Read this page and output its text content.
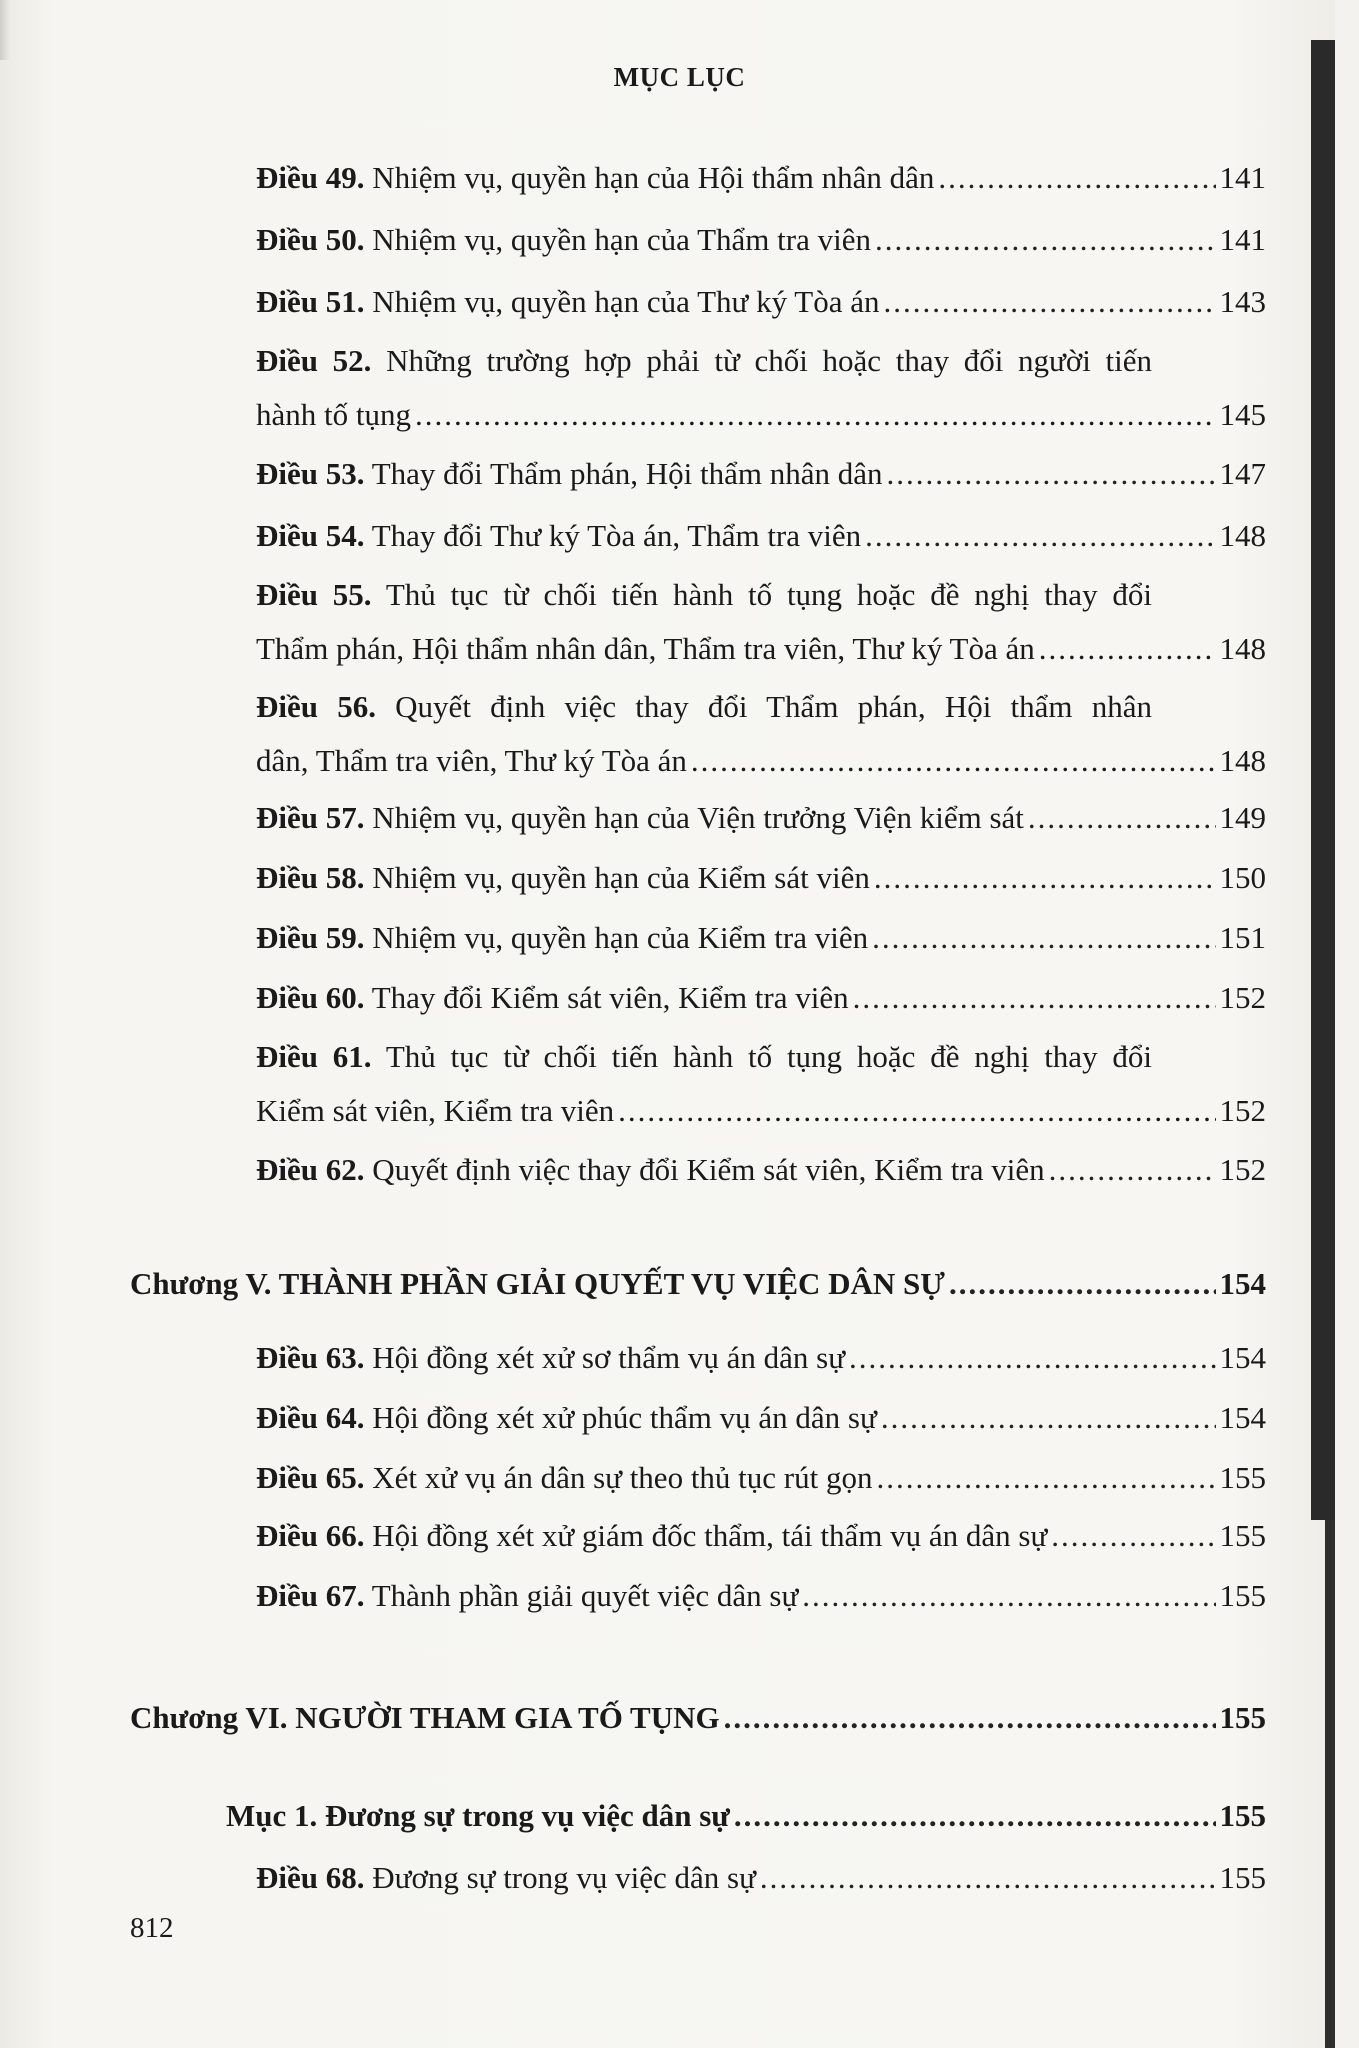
MỤC LỤC
Điều 49. Nhiệm vụ, quyền hạn của Hội thẩm nhân dân .....	141
Điều 50. Nhiệm vụ, quyền hạn của Thẩm tra viên .....	141
Điều 51. Nhiệm vụ, quyền hạn của Thư ký Tòa án .....	143
Điều 52. Những trường hợp phải từ chối hoặc thay đổi người tiến
hành tố tụng .....	145
Điều 53. Thay đổi Thẩm phán, Hội thẩm nhân dân .....	147
Điều 54. Thay đổi Thư ký Tòa án, Thẩm tra viên .....	148
Điều 55. Thủ tục từ chối tiến hành tố tụng hoặc đề nghị thay đổi
Thẩm phán, Hội thẩm nhân dân, Thẩm tra viên, Thư ký Tòa án .....	148
Điều 56. Quyết định việc thay đổi Thẩm phán, Hội thẩm nhân
dân, Thẩm tra viên, Thư ký Tòa án .....	148
Điều 57. Nhiệm vụ, quyền hạn của Viện trưởng Viện kiểm sát .....	149
Điều 58. Nhiệm vụ, quyền hạn của Kiểm sát viên .....	150
Điều 59. Nhiệm vụ, quyền hạn của Kiểm tra viên .....	151
Điều 60. Thay đổi Kiểm sát viên, Kiểm tra viên .....	152
Điều 61. Thủ tục từ chối tiến hành tố tụng hoặc đề nghị thay đổi
Kiểm sát viên, Kiểm tra viên .....	152
Điều 62. Quyết định việc thay đổi Kiểm sát viên, Kiểm tra viên .....	152
Chương V. THÀNH PHẦN GIẢI QUYẾT VỤ VIỆC DÂN SỰ .....	154
Điều 63. Hội đồng xét xử sơ thẩm vụ án dân sự .....	154
Điều 64. Hội đồng xét xử phúc thẩm vụ án dân sự .....	154
Điều 65. Xét xử vụ án dân sự theo thủ tục rút gọn .....	155
Điều 66. Hội đồng xét xử giám đốc thẩm, tái thẩm vụ án dân sự .....	155
Điều 67. Thành phần giải quyết việc dân sự .....	155
Chương VI. NGƯỜI THAM GIA TỐ TỤNG .....	155
Mục 1. Đương sự trong vụ việc dân sự .....	155
Điều 68. Đương sự trong vụ việc dân sự .....	155
812
